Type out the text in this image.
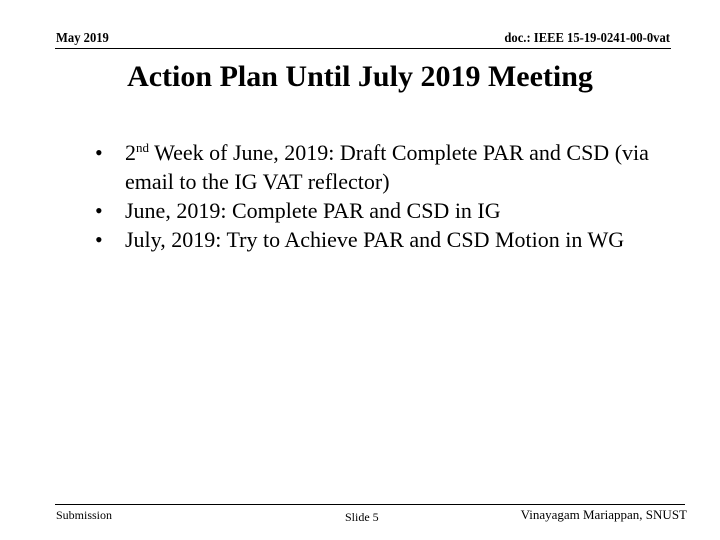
May 2019	doc.: IEEE 15-19-0241-00-0vat
Action Plan Until July 2019 Meeting
• 2nd Week of June, 2019: Draft Complete PAR and CSD (via email to the IG VAT reflector)
• June, 2019: Complete PAR and CSD in IG
• July, 2019: Try to Achieve PAR and CSD Motion in WG
Submission	Slide 5	Vinayagam Mariappan, SNUST
